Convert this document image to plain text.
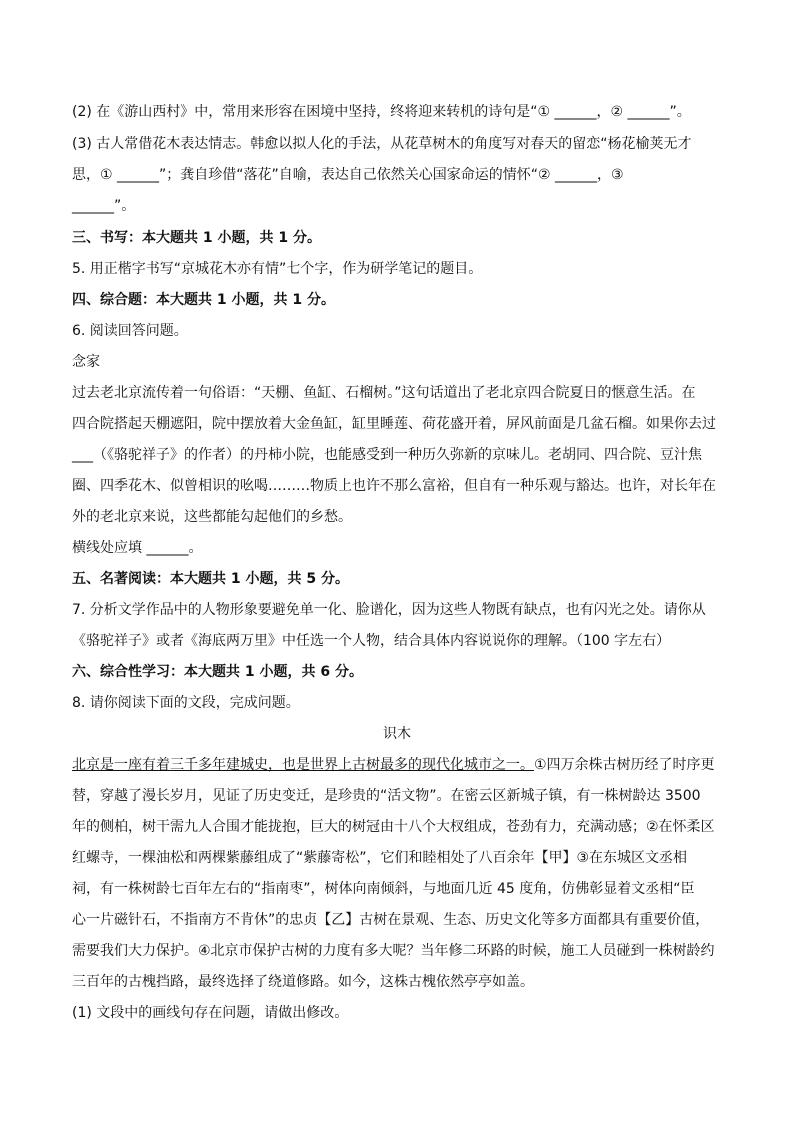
(2) 在《游山西村》中，常用来形容在困境中坚持，终将迎来转机的诗句是“① ______，② ______”。
(3) 古人常借花木表达情志。韩愈以拟人化的手法，从花草树木的角度写对春天的留恋“杨花榆荚无才
思，① ______”；龚自珍借“落花”自喻，表达自己依然关心国家命运的情怀“② ______，③
______”。
三、书写：本大题共 1 小题，共 1 分。
5. 用正楷字书写“京城花木亦有情”七个字，作为研学笔记的题目。
四、综合题：本大题共 1 小题，共 1 分。
6. 阅读回答问题。
念家
过去老北京流传着一句俗语：“天棚、鱼缸、石榴树。”这句话道出了老北京四合院夏日的惬意生活。在
四合院搭起天棚遮阳，院中摆放着大金鱼缸，缸里睡莲、荷花盛开着，屏风前面是几盆石榴。如果你去过
___（《骆驼祥子》的作者）的丹柿小院，也能感受到一种历久弥新的京味儿。老胡同、四合院、豆汁焦
圈、四季花木、似曾相识的吆喝………物质上也许不那么富裕，但自有一种乐观与豁达。也许，对长年在
外的老北京来说，这些都能勾起他们的乡愁。
横线处应填 ______。
五、名著阅读：本大题共 1 小题，共 5 分。
7. 分析文学作品中的人物形象要避免单一化、脸谱化，因为这些人物既有缺点，也有闪光之处。请你从
《骆驼祥子》或者《海底两万里》中任选一个人物，结合具体内容说说你的理解。（100 字左右）
六、综合性学习：本大题共 1 小题，共 6 分。
8. 请你阅读下面的文段，完成问题。
识木
北京是一座有着三千多年建城史，也是世界上古树最多的现代化城市之一。①四万余株古树历经了时序更
替，穿越了漫长岁月，见证了历史变迁，是珍贵的“活文物”。在密云区新城子镇，有一株树龄达 3500
年的侧柏，树干需九人合围才能拢抱，巨大的树冠由十八个大杈组成，苍劲有力，充满动感；②在怀柔区
红螺寺，一棵油松和两棵紫藤组成了“紫藤寄松”，它们和睦相处了八百余年【甲】③在东城区文丞相
祠，有一株树龄七百年左右的“指南枣”，树体向南倾斜，与地面几近 45 度角，仿佛彰显着文丞相“臣
心一片磁针石，不指南方不肯休”的忠贞【乙】古树在景观、生态、历史文化等多方面都具有重要价值，
需要我们大力保护。④北京市保护古树的力度有多大呢？当年修二环路的时候，施工人员碰到一株树龄约
三百年的古槐挡路，最终选择了绕道修路。如今，这株古槐依然亭亭如盖。
(1) 文段中的画线句存在问题，请做出修改。
